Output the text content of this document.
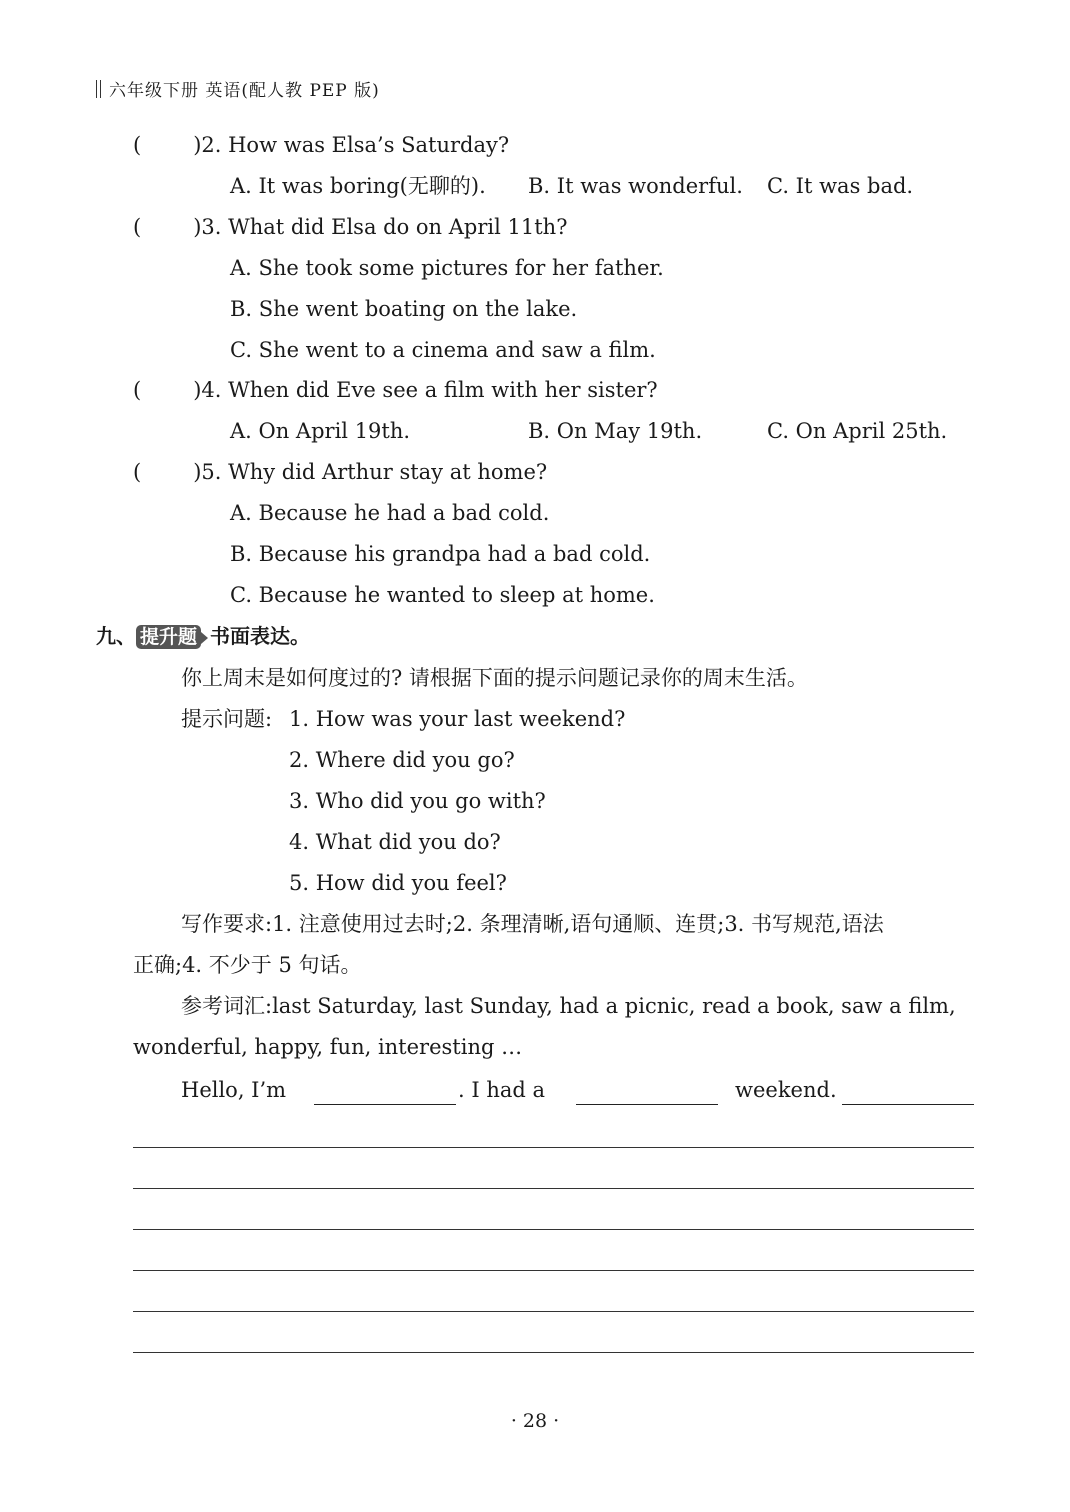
六年级下册 英语(配人教 PEP 版)
( )2. How was Elsa’s Saturday?
A. It was boring(无聊的). B. It was wonderful. C. It was bad.
( )3. What did Elsa do on April 11th?
A. She took some pictures for her father.
B. She went boating on the lake.
C. She went to a cinema and saw a film.
( )4. When did Eve see a film with her sister?
A. On April 19th.	B. On May 19th.	C. On April 25th.
( )5. Why did Arthur stay at home?
A. Because he had a bad cold.
B. Because his grandpa had a bad cold.
C. Because he wanted to sleep at home.
九、 提升题 书面表达。
你上周末是如何度过的? 请根据下面的提示问题记录你的周末生活。
提示问题: 1. How was your last weekend?
2. Where did you go?
3. Who did you go with?
4. What did you do?
5. How did you feel?
写作要求:1. 注意使用过去时;2. 条理清晰,语句通顺、连贯;3. 书写规范,语法
正确;4. 不少于 5 句话。
参考词汇:last Saturday, last Sunday, had a picnic, read a book, saw a film,
wonderful, happy, fun, interesting …
Hello, I’m	. I had a	weekend.
· 28 ·
